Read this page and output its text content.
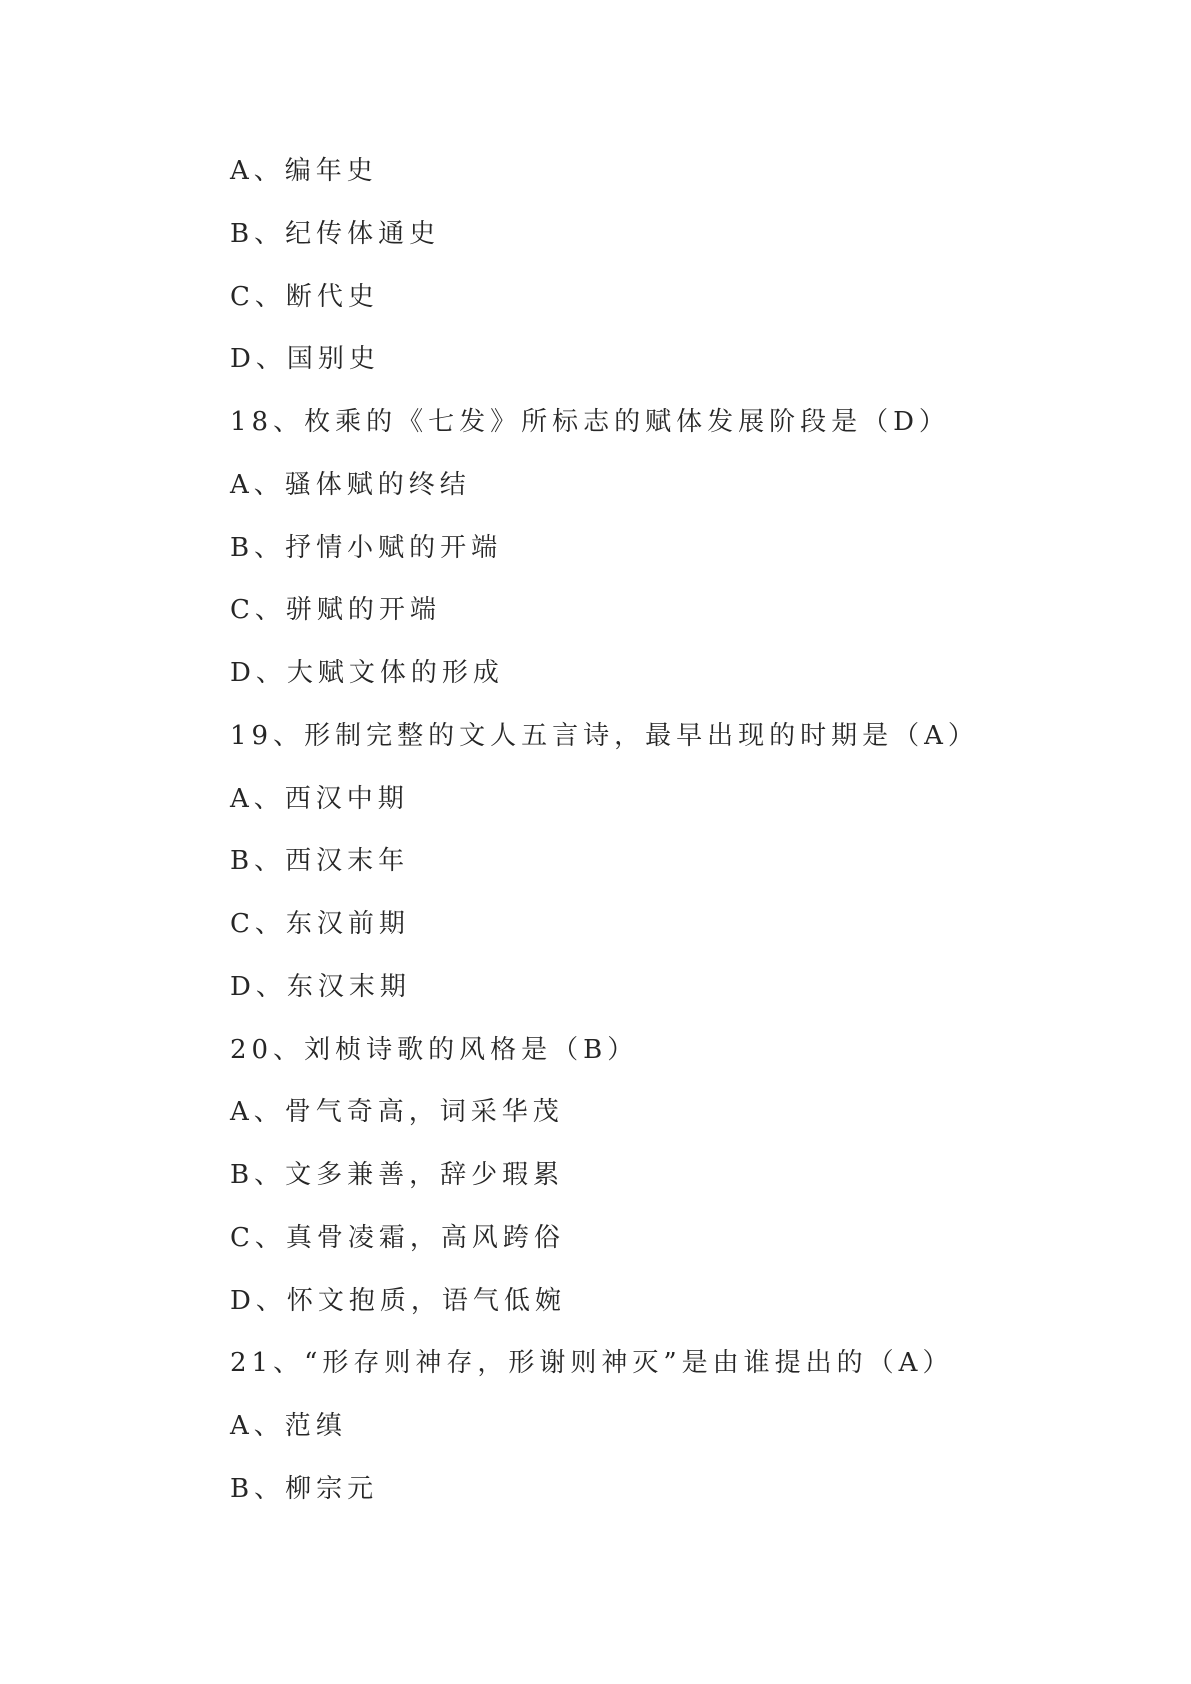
A、编年史
B、纪传体通史
C、断代史
D、国别史
18、枚乘的《七发》所标志的赋体发展阶段是（D）
A、骚体赋的终结
B、抒情小赋的开端
C、骈赋的开端
D、大赋文体的形成
19、形制完整的文人五言诗，最早出现的时期是（A）
A、西汉中期
B、西汉末年
C、东汉前期
D、东汉末期
20、刘桢诗歌的风格是（B）
A、骨气奇高，词采华茂
B、文多兼善，辞少瑕累
C、真骨凌霜，高风跨俗
D、怀文抱质，语气低婉
21、“形存则神存，形谢则神灭”是由谁提出的（A）
A、范缜
B、柳宗元
